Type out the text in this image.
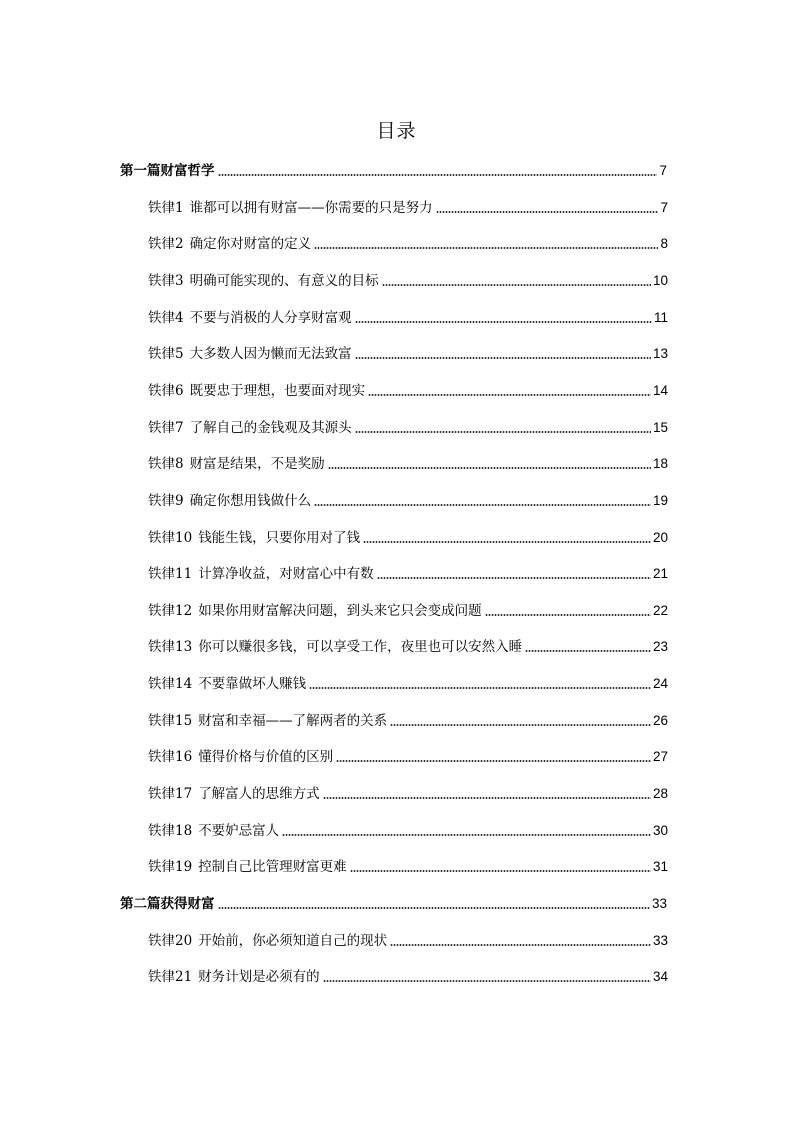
目录
第一篇财富哲学	7
铁律1 谁都可以拥有财富——你需要的只是努力	7
铁律2 确定你对财富的定义	8
铁律3 明确可能实现的、有意义的目标	10
铁律4 不要与消极的人分享财富观	11
铁律5 大多数人因为懒而无法致富	13
铁律6 既要忠于理想，也要面对现实	14
铁律7 了解自己的金钱观及其源头	15
铁律8 财富是结果，不是奖励	18
铁律9 确定你想用钱做什么	19
铁律10 钱能生钱，只要你用对了钱	20
铁律11 计算净收益，对财富心中有数	21
铁律12 如果你用财富解决问题，到头来它只会变成问题	22
铁律13 你可以赚很多钱，可以享受工作，夜里也可以安然入睡	23
铁律14 不要靠做坏人赚钱	24
铁律15 财富和幸福——了解两者的关系	26
铁律16 懂得价格与价值的区别	27
铁律17 了解富人的思维方式	28
铁律18 不要妒忌富人	30
铁律19 控制自己比管理财富更难	31
第二篇获得财富	33
铁律20 开始前，你必须知道自己的现状	33
铁律21 财务计划是必须有的	34
